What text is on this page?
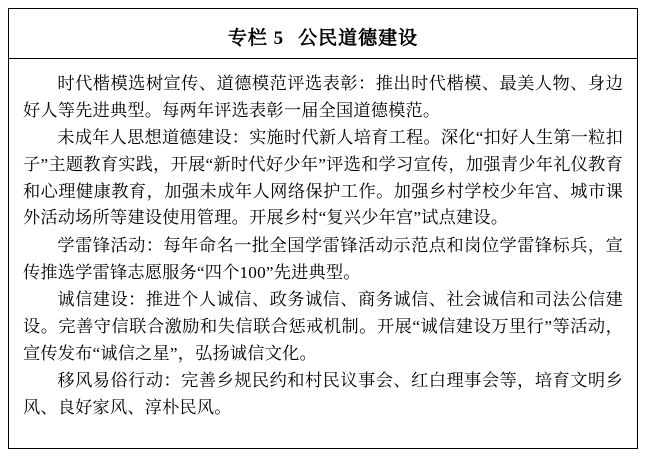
专栏 5 公民道德建设

时代楷模选树宣传、道德模范评选表彰：推出时代楷模、最美人物、身边好人等先进典型。每两年评选表彰一届全国道德模范。

未成年人思想道德建设：实施时代新人培育工程。深化“扣好人生第一粒扣子”主题教育实践，开展“新时代好少年”评选和学习宣传，加强青少年礼仪教育和心理健康教育，加强未成年人网络保护工作。加强乡村学校少年宫、城市课外活动场所等建设使用管理。开展乡村“复兴少年宫”试点建设。

学雷锋活动：每年命名一批全国学雷锋活动示范点和岗位学雷锋标兵，宣传推选学雷锋志愿服务“四个100”先进典型。

诚信建设：推进个人诚信、政务诚信、商务诚信、社会诚信和司法公信建设。完善守信联合激励和失信联合惩戒机制。开展“诚信建设万里行”等活动，宣传发布“诚信之星”，弘扬诚信文化。

移风易俗行动：完善乡规民约和村民议事会、红白理事会等，培育文明乡风、良好家风、淳朴民风。
